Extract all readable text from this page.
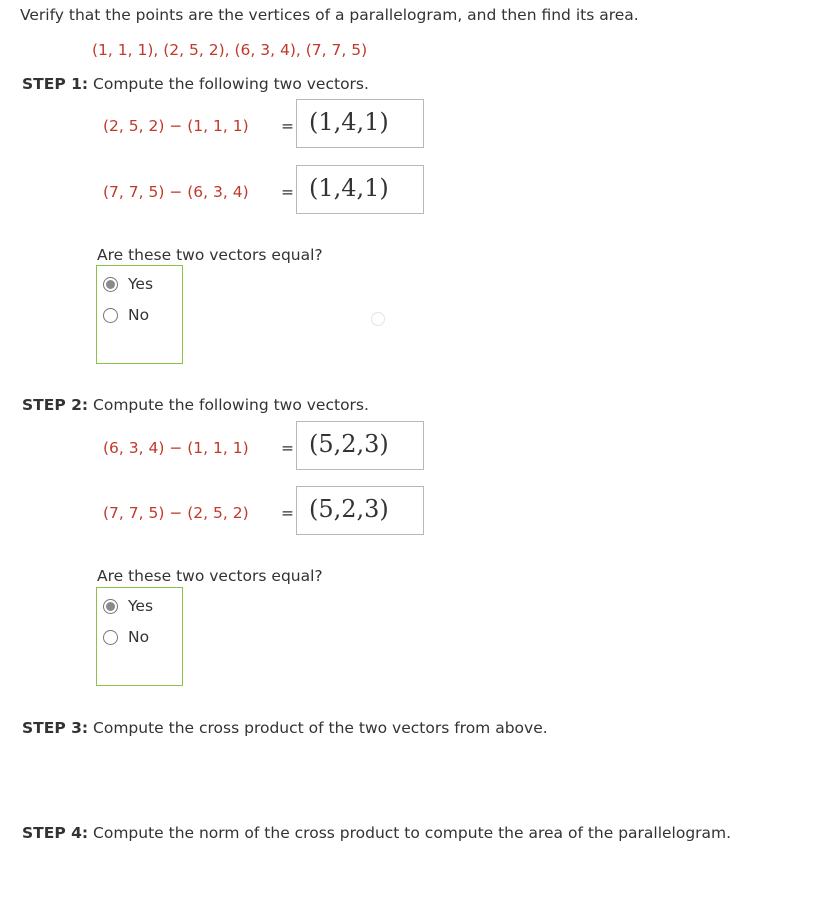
Verify that the points are the vertices of a parallelogram, and then find its area.
(1, 1, 1), (2, 5, 2), (6, 3, 4), (7, 7, 5)
STEP 1: Compute the following two vectors.
(2, 5, 2) − (1, 1, 1) = (1,4,1)
(7, 7, 5) − (6, 3, 4) = (1,4,1)
Are these two vectors equal?
Yes
No
STEP 2: Compute the following two vectors.
(6, 3, 4) − (1, 1, 1) = (5,2,3)
(7, 7, 5) − (2, 5, 2) = (5,2,3)
Are these two vectors equal?
Yes
No
STEP 3: Compute the cross product of the two vectors from above.
STEP 4: Compute the norm of the cross product to compute the area of the parallelogram.
